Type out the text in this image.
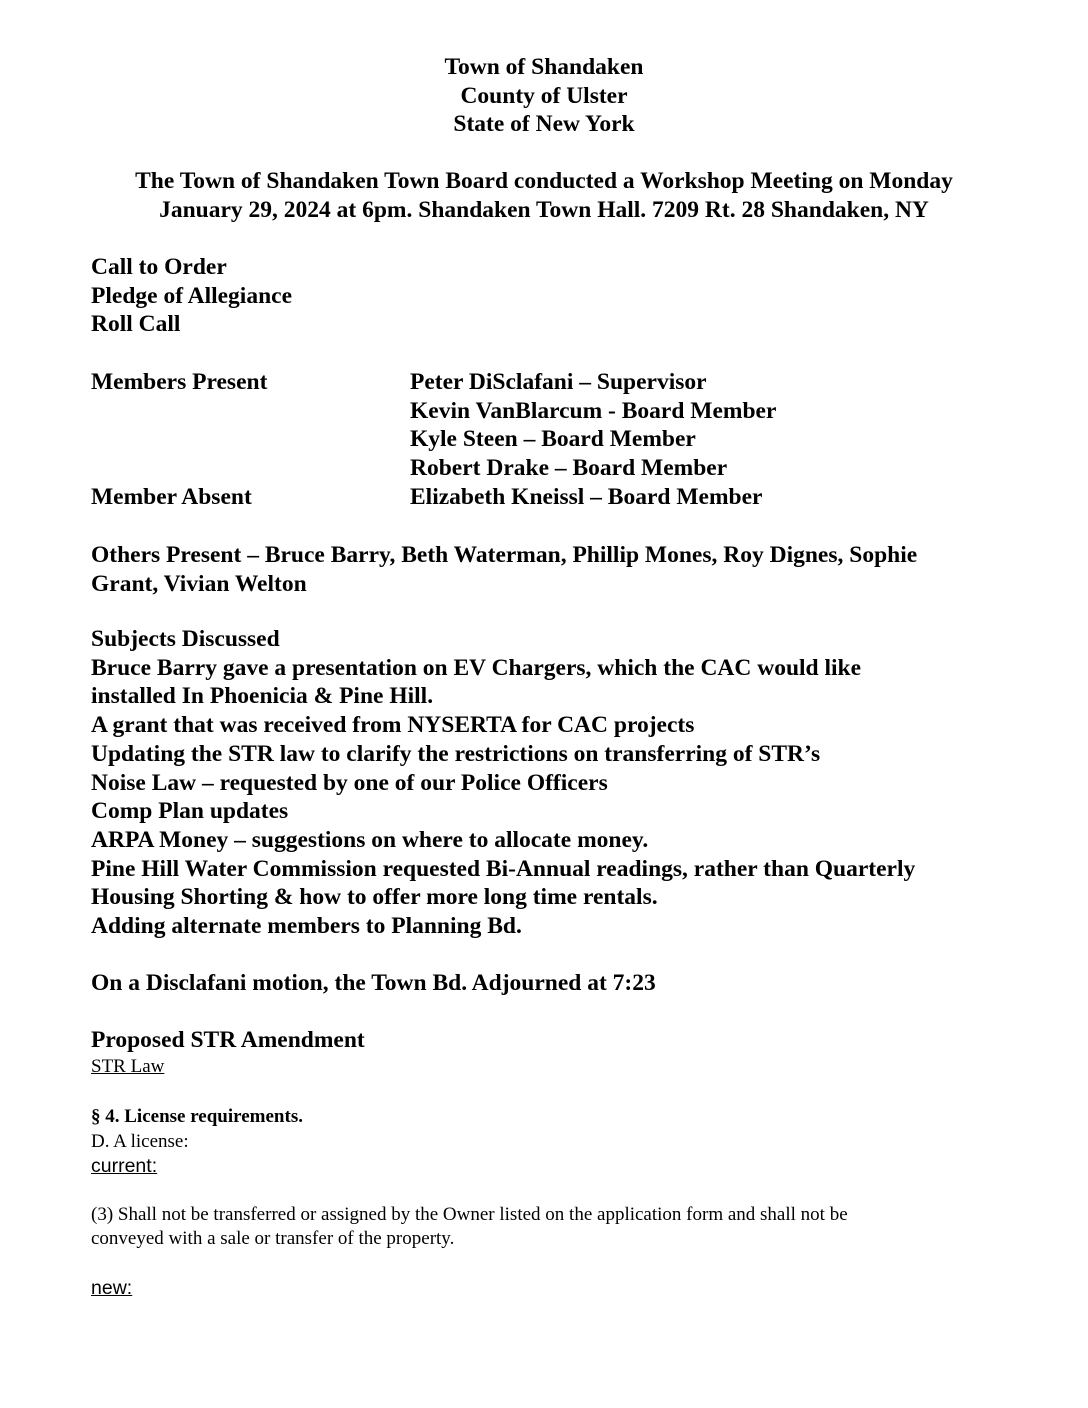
Town of Shandaken
County of Ulster
State of New York
The Town of Shandaken Town Board conducted a Workshop Meeting on Monday
January 29, 2024 at 6pm. Shandaken Town Hall. 7209 Rt. 28 Shandaken, NY
Call to Order
Pledge of Allegiance
Roll Call
Members Present	Peter DiSclafani – Supervisor
Kevin VanBlarcum - Board Member
Kyle Steen – Board Member
Robert Drake – Board Member
Member Absent	Elizabeth Kneissl – Board Member
Others Present – Bruce Barry, Beth Waterman, Phillip Mones, Roy Dignes, Sophie
Grant, Vivian Welton
Subjects Discussed
Bruce Barry gave a presentation on EV Chargers, which the CAC would like
installed In Phoenicia & Pine Hill.
A grant that was received from NYSERTA for CAC projects
Updating the STR law to clarify the restrictions on transferring of STR’s
Noise Law – requested by one of our Police Officers
Comp Plan updates
ARPA Money – suggestions on where to allocate money.
Pine Hill Water Commission requested Bi-Annual readings, rather than Quarterly
Housing Shorting & how to offer more long time rentals.
Adding alternate members to Planning Bd.
On a Disclafani motion, the Town Bd. Adjourned at 7:23
Proposed STR Amendment
STR Law
§ 4. License requirements.
D. A license:
current:
(3) Shall not be transferred or assigned by the Owner listed on the application form and shall not be
conveyed with a sale or transfer of the property.
new:
